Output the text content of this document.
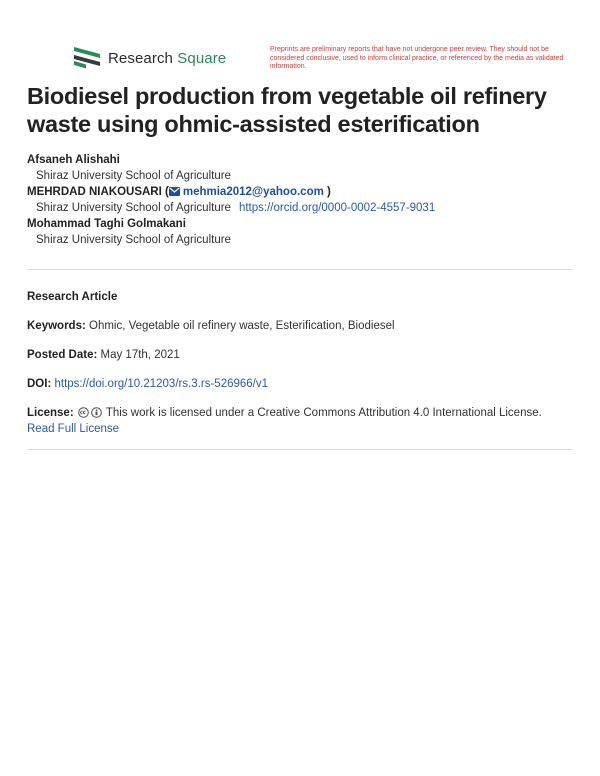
Research Square	Preprints are preliminary reports that have not undergone peer review. They should not be considered conclusive, used to inform clinical practice, or referenced by the media as validated information.
Biodiesel production from vegetable oil refinery waste using ohmic-assisted esterification
Afsaneh Alishahi
Shiraz University School of Agriculture
MEHRDAD NIAKOUSARI ( mehmia2012@yahoo.com )
Shiraz University School of Agriculture https://orcid.org/0000-0002-4557-9031
Mohammad Taghi Golmakani
Shiraz University School of Agriculture
Research Article
Keywords: Ohmic, Vegetable oil refinery waste, Esterification, Biodiesel
Posted Date: May 17th, 2021
DOI: https://doi.org/10.21203/rs.3.rs-526966/v1
License:	This work is licensed under a Creative Commons Attribution 4.0 International License.
Read Full License
